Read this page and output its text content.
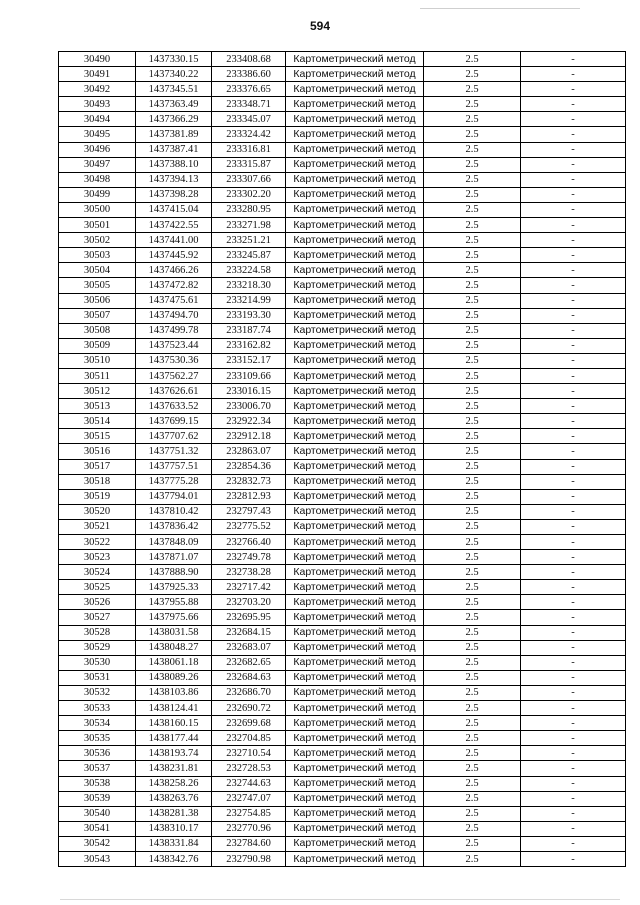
594
30490	1437330.15	233408.68	Картометрический метод	2.5	-
30491	1437340.22	233386.60	Картометрический метод	2.5	-
30492	1437345.51	233376.65	Картометрический метод	2.5	-
30493	1437363.49	233348.71	Картометрический метод	2.5	-
30494	1437366.29	233345.07	Картометрический метод	2.5	-
30495	1437381.89	233324.42	Картометрический метод	2.5	-
30496	1437387.41	233316.81	Картометрический метод	2.5	-
30497	1437388.10	233315.87	Картометрический метод	2.5	-
30498	1437394.13	233307.66	Картометрический метод	2.5	-
30499	1437398.28	233302.20	Картометрический метод	2.5	-
30500	1437415.04	233280.95	Картометрический метод	2.5	-
30501	1437422.55	233271.98	Картометрический метод	2.5	-
30502	1437441.00	233251.21	Картометрический метод	2.5	-
30503	1437445.92	233245.87	Картометрический метод	2.5	-
30504	1437466.26	233224.58	Картометрический метод	2.5	-
30505	1437472.82	233218.30	Картометрический метод	2.5	-
30506	1437475.61	233214.99	Картометрический метод	2.5	-
30507	1437494.70	233193.30	Картометрический метод	2.5	-
30508	1437499.78	233187.74	Картометрический метод	2.5	-
30509	1437523.44	233162.82	Картометрический метод	2.5	-
30510	1437530.36	233152.17	Картометрический метод	2.5	-
30511	1437562.27	233109.66	Картометрический метод	2.5	-
30512	1437626.61	233016.15	Картометрический метод	2.5	-
30513	1437633.52	233006.70	Картометрический метод	2.5	-
30514	1437699.15	232922.34	Картометрический метод	2.5	-
30515	1437707.62	232912.18	Картометрический метод	2.5	-
30516	1437751.32	232863.07	Картометрический метод	2.5	-
30517	1437757.51	232854.36	Картометрический метод	2.5	-
30518	1437775.28	232832.73	Картометрический метод	2.5	-
30519	1437794.01	232812.93	Картометрический метод	2.5	-
30520	1437810.42	232797.43	Картометрический метод	2.5	-
30521	1437836.42	232775.52	Картометрический метод	2.5	-
30522	1437848.09	232766.40	Картометрический метод	2.5	-
30523	1437871.07	232749.78	Картометрический метод	2.5	-
30524	1437888.90	232738.28	Картометрический метод	2.5	-
30525	1437925.33	232717.42	Картометрический метод	2.5	-
30526	1437955.88	232703.20	Картометрический метод	2.5	-
30527	1437975.66	232695.95	Картометрический метод	2.5	-
30528	1438031.58	232684.15	Картометрический метод	2.5	-
30529	1438048.27	232683.07	Картометрический метод	2.5	-
30530	1438061.18	232682.65	Картометрический метод	2.5	-
30531	1438089.26	232684.63	Картометрический метод	2.5	-
30532	1438103.86	232686.70	Картометрический метод	2.5	-
30533	1438124.41	232690.72	Картометрический метод	2.5	-
30534	1438160.15	232699.68	Картометрический метод	2.5	-
30535	1438177.44	232704.85	Картометрический метод	2.5	-
30536	1438193.74	232710.54	Картометрический метод	2.5	-
30537	1438231.81	232728.53	Картометрический метод	2.5	-
30538	1438258.26	232744.63	Картометрический метод	2.5	-
30539	1438263.76	232747.07	Картометрический метод	2.5	-
30540	1438281.38	232754.85	Картометрический метод	2.5	-
30541	1438310.17	232770.96	Картометрический метод	2.5	-
30542	1438331.84	232784.60	Картометрический метод	2.5	-
30543	1438342.76	232790.98	Картометрический метод	2.5	-
